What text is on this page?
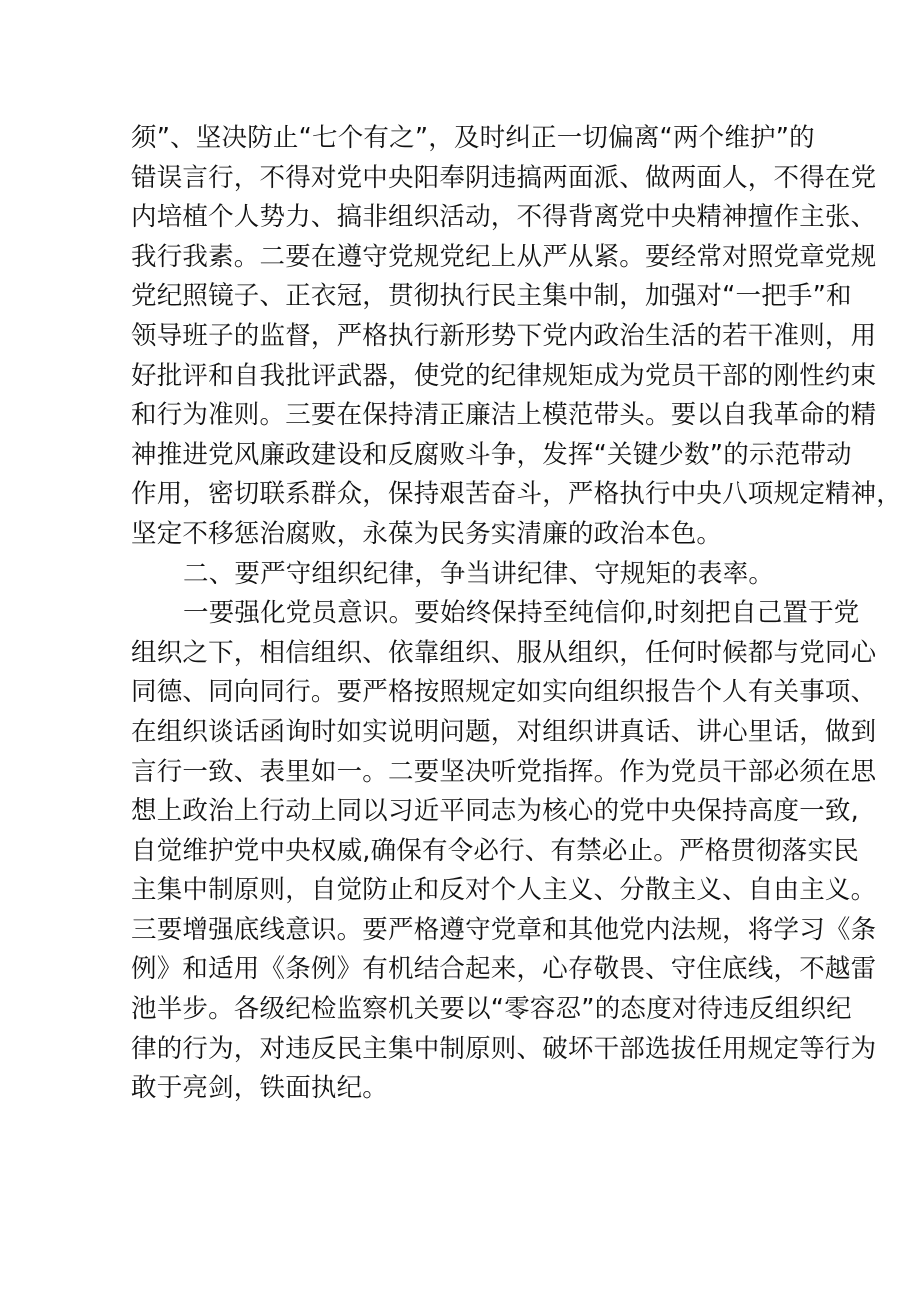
须”、坚决防止“七个有之”，及时纠正一切偏离“两个维护”的
错误言行，不得对党中央阳奉阴违搞两面派、做两面人，不得在党
内培植个人势力、搞非组织活动，不得背离党中央精神擅作主张、
我行我素。二要在遵守党规党纪上从严从紧。要经常对照党章党规
党纪照镜子、正衣冠，贯彻执行民主集中制，加强对“一把手”和
领导班子的监督，严格执行新形势下党内政治生活的若干准则，用
好批评和自我批评武器，使党的纪律规矩成为党员干部的刚性约束
和行为准则。三要在保持清正廉洁上模范带头。要以自我革命的精
神推进党风廉政建设和反腐败斗争，发挥“关键少数”的示范带动
作用，密切联系群众，保持艰苦奋斗，严格执行中央八项规定精神，
坚定不移惩治腐败，永葆为民务实清廉的政治本色。
二、要严守组织纪律，争当讲纪律、守规矩的表率。
一要强化党员意识。要始终保持至纯信仰,时刻把自己置于党
组织之下，相信组织、依靠组织、服从组织，任何时候都与党同心
同德、同向同行。要严格按照规定如实向组织报告个人有关事项、
在组织谈话函询时如实说明问题，对组织讲真话、讲心里话，做到
言行一致、表里如一。二要坚决听党指挥。作为党员干部必须在思
想上政治上行动上同以习近平同志为核心的党中央保持高度一致,
自觉维护党中央权威,确保有令必行、有禁必止。严格贯彻落实民
主集中制原则，自觉防止和反对个人主义、分散主义、自由主义。
三要增强底线意识。要严格遵守党章和其他党内法规，将学习《条
例》和适用《条例》有机结合起来，心存敬畏、守住底线，不越雷
池半步。各级纪检监察机关要以“零容忍”的态度对待违反组织纪
律的行为，对违反民主集中制原则、破坏干部选拔任用规定等行为
敢于亮剑，铁面执纪。
